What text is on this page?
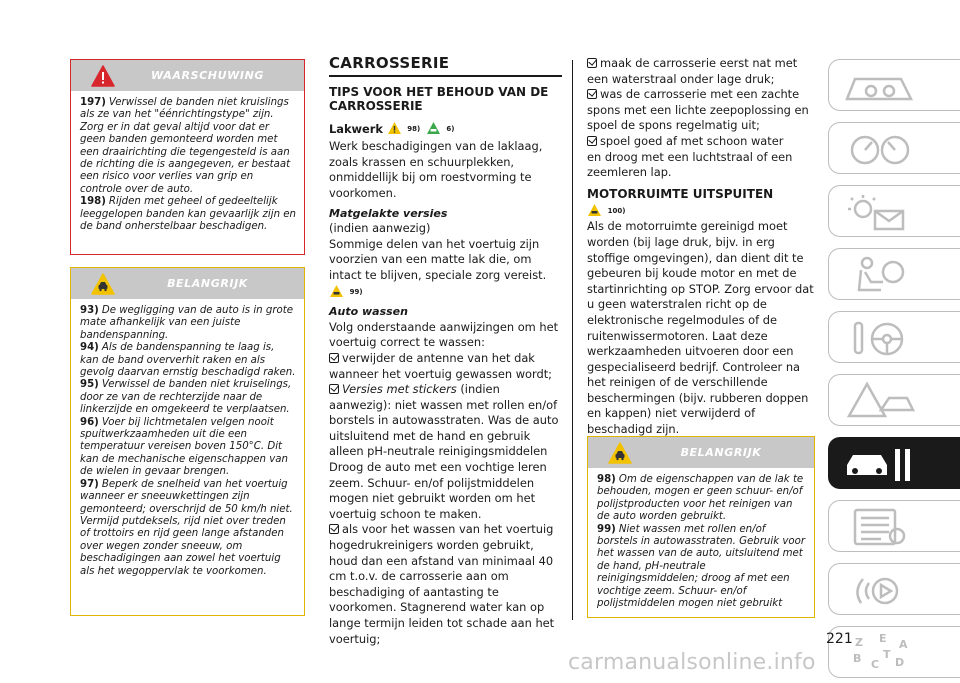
WAARSCHUWING

197) Verwissel de banden niet kruislings als ze van het "éénrichtingstype" zijn. Zorg er in dat geval altijd voor dat er geen banden gemonteerd worden met een draairichting die tegengesteld is aan de richting die is aangegeven, er bestaat een risico voor verlies van grip en controle over de auto.

198) Rijden met geheel of gedeeltelijk leeggelopen banden kan gevaarlijk zijn en de band onherstelbaar beschadigen.

BELANGRIJK

93) De wegligging van de auto is in grote mate afhankelijk van een juiste bandenspanning.

94) Als de bandenspanning te laag is, kan de band oververhit raken en als gevolg daarvan ernstig beschadigd raken.

95) Verwissel de banden niet kruiselings, door ze van de rechterzijde naar de linkerzijde en omgekeerd te verplaatsen.

96) Voer bij lichtmetalen velgen nooit spuitwerkzaamheden uit die een temperatuur vereisen boven 150°C. Dit kan de mechanische eigenschappen van de wielen in gevaar brengen.

97) Beperk de snelheid van het voertuig wanneer er sneeuwkettingen zijn gemonteerd; overschrijd de 50 km/h niet. Vermijd putdeksels, rijd niet over treden of trottoirs en rijd geen lange afstanden over wegen zonder sneeuw, om beschadigingen aan zowel het voertuig als het wegoppervlak te voorkomen.

CARROSSERIE
TIPS VOOR HET BEHOUD VAN DE CARROSSERIE
Lakwerk	98)	6)

Werk beschadigingen van de laklaag, zoals krassen en schuurplekken, onmiddellijk bij om roestvorming te voorkomen.

Matgelakte versies

(indien aanwezig)

Sommige delen van het voertuig zijn voorzien van een matte lak die, om intact te blijven, speciale zorg vereist.  99)

Auto wassen

Volg onderstaande aanwijzingen om het voertuig correct te wassen:

verwijder de antenne van het dak wanneer het voertuig gewassen wordt;

Versies met stickers (indien aanwezig): niet wassen met rollen en/of borstels in autowasstraten. Was de auto uitsluitend met de hand en gebruik alleen pH-neutrale reinigingsmiddelen

Droog de auto met een vochtige leren zeem. Schuur- en/of polijstmiddelen mogen niet gebruikt worden om het voertuig schoon te maken.

als voor het wassen van het voertuig hogedrukreinigers worden gebruikt, houd dan een afstand van minimaal 40 cm t.o.v. de carrosserie aan om beschadiging of aantasting te voorkomen. Stagnerend water kan op lange termijn leiden tot schade aan het voertuig;

maak de carrosserie eerst nat met een waterstraal onder lage druk;

was de carrosserie met een zachte spons met een lichte zeepoplossing en spoel de spons regelmatig uit;

spoel goed af met schoon water

en droog met een luchtstraal of een zeemleren lap.

MOTORRUIMTE UITSPUITEN
100)

Als de motorruimte gereinigd moet worden (bij lage druk, bijv. in erg stoffige omgevingen), dan dient dit te gebeuren bij koude motor en met de startinrichting op STOP. Zorg ervoor dat u geen waterstralen richt op de elektronische regelmodules of de ruitenwissermotoren. Laat deze werkzaamheden uitvoeren door een gespecialiseerd bedrijf. Controleer na het reinigen of de verschillende beschermingen (bijv. rubberen doppen en kappen) niet verwijderd of beschadigd zijn.

BELANGRIJK

98) Om de eigenschappen van de lak te behouden, mogen er geen schuur- en/of polijstproducten voor het reinigen van de auto worden gebruikt.

99) Niet wassen met rollen en/of borstels in autowasstraten. Gebruik voor het wassen van de auto, uitsluitend met de hand, pH-neutrale reinigingsmiddelen; droog af met een vochtige zeem. Schuur- en/of polijstmiddelen mogen niet gebruikt

Z E
B C
T
D
A
221
carmanualsonline.info
